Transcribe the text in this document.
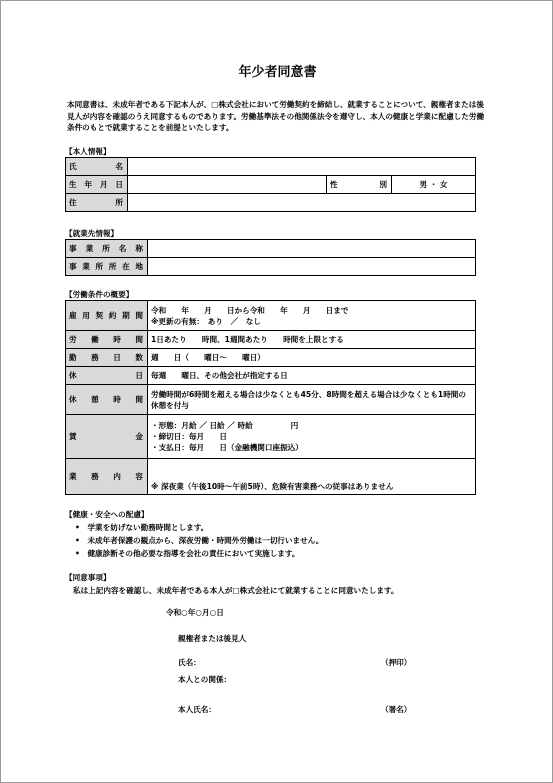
年少者同意書
本同意書は、未成年者である下記本人が、□株式会社において労働契約を締結し、就業することについて、親権者または後見人が内容を確認のうえ同意するものであります。労働基準法その他関係法令を遵守し、本人の健康と学業に配慮した労働条件のもとで就業することを前提といたします。
【本人情報】
氏　　名			
生年月日		性　　別	男 ・ 女
住　　所			
【就業先情報】
事業所名称	
事業所所在地	
【労働条件の概要】
雇用契約期間	令和　　年　　月　　日から令和　　年　　月　　日まで
※更新の有無：　あり　／　なし

労働時間	1日あたり　　時間、1週間あたり　　時間を上限とする
勤務日数	週　　日（　　曜日～　　曜日）
休日	毎週　　曜日、その他会社が指定する日
休憩時間	労働時間が6時間を超える場合は少なくとも45分、8時間を超える場合は少なくとも1時間の休憩を付与
賃金	・形態：月給 ／ 日給 ／ 時給　　　　　円
・締切日：毎月　　日
・支払日：毎月　　日（金融機関口座振込）

業務内容	※ 深夜業（午後10時～午前5時）、危険有害業務への従事はありません
【健康・安全への配慮】
•　学業を妨げない勤務時間とします。
•　未成年者保護の観点から、深夜労働・時間外労働は一切行いません。
•　健康診断その他必要な指導を会社の責任において実施します。
【同意事項】
私は上記内容を確認し、未成年者である本人が□株式会社にて就業することに同意いたします。
令和○年○月○日
親権者または後見人
氏名：	（押印）
本人との関係：
本人氏名：	（署名）
